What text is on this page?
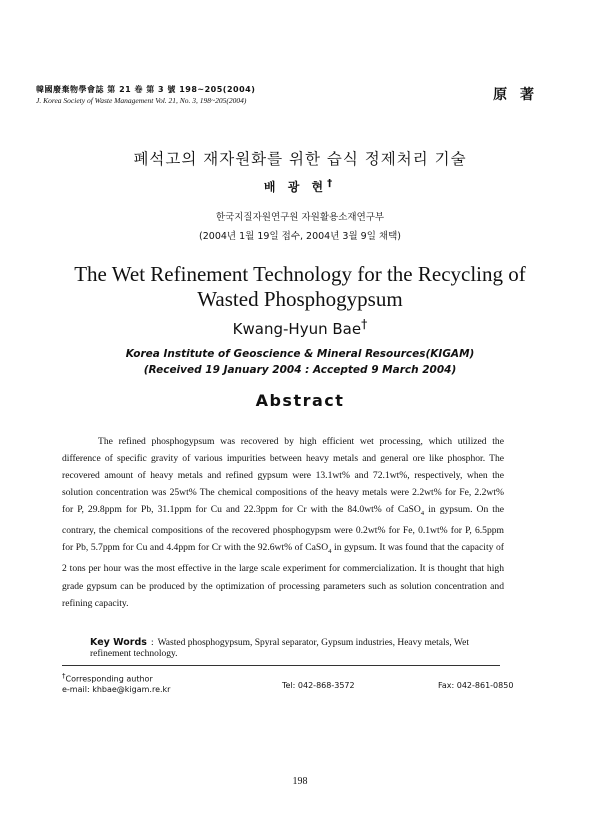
韓國廢棄物學會誌 第 21 卷 第 3 號 198~205(2004)
J. Korea Society of Waste Management Vol. 21, No. 3, 198~205(2004)	原 著
폐석고의 재자원화를 위한 습식 정제처리 기술
배 광 현†
한국지질자원연구원 자원활용소재연구부
(2004년 1월 19일 접수, 2004년 3월 9일 채택)
The Wet Refinement Technology for the Recycling of Wasted Phosphogypsum
Kwang-Hyun Bae†
Korea Institute of Geoscience & Mineral Resources(KIGAM)
(Received 19 January 2004 : Accepted 9 March 2004)
Abstract

The refined phosphogypsum was recovered by high efficient wet processing, which utilized the difference of specific gravity of various impurities between heavy metals and general ore like phosphor. The recovered amount of heavy metals and refined gypsum were 13.1wt% and 72.1wt%, respectively, when the solution concentration was 25wt% The chemical compositions of the heavy metals were 2.2wt% for Fe, 2.2wt% for P, 29.8ppm for Pb, 31.1ppm for Cu and 22.3ppm for Cr with the 84.0wt% of CaSO$_4$ in gypsum. On the contrary, the chemical compositions of the recovered phosphogypsm were 0.2wt% for Fe, 0.1wt% for P, 6.5ppm for Pb, 5.7ppm for Cu and 4.4ppm for Cr with the 92.6wt% of CaSO$_4$ in gypsum. It was found that the capacity of 2 tons per hour was the most effective in the large scale experiment for commercialization. It is thought that high grade gypsum can be produced by the optimization of processing parameters such as solution concentration and refining capacity.

Key Words : Wasted phosphogypsum, Spyral separator, Gypsum industries, Heavy metals, Wet refinement technology.
†Corresponding author
e-mail: khbae@kigam.re.kr	Tel: 042-868-3572	Fax: 042-861-0850
198
